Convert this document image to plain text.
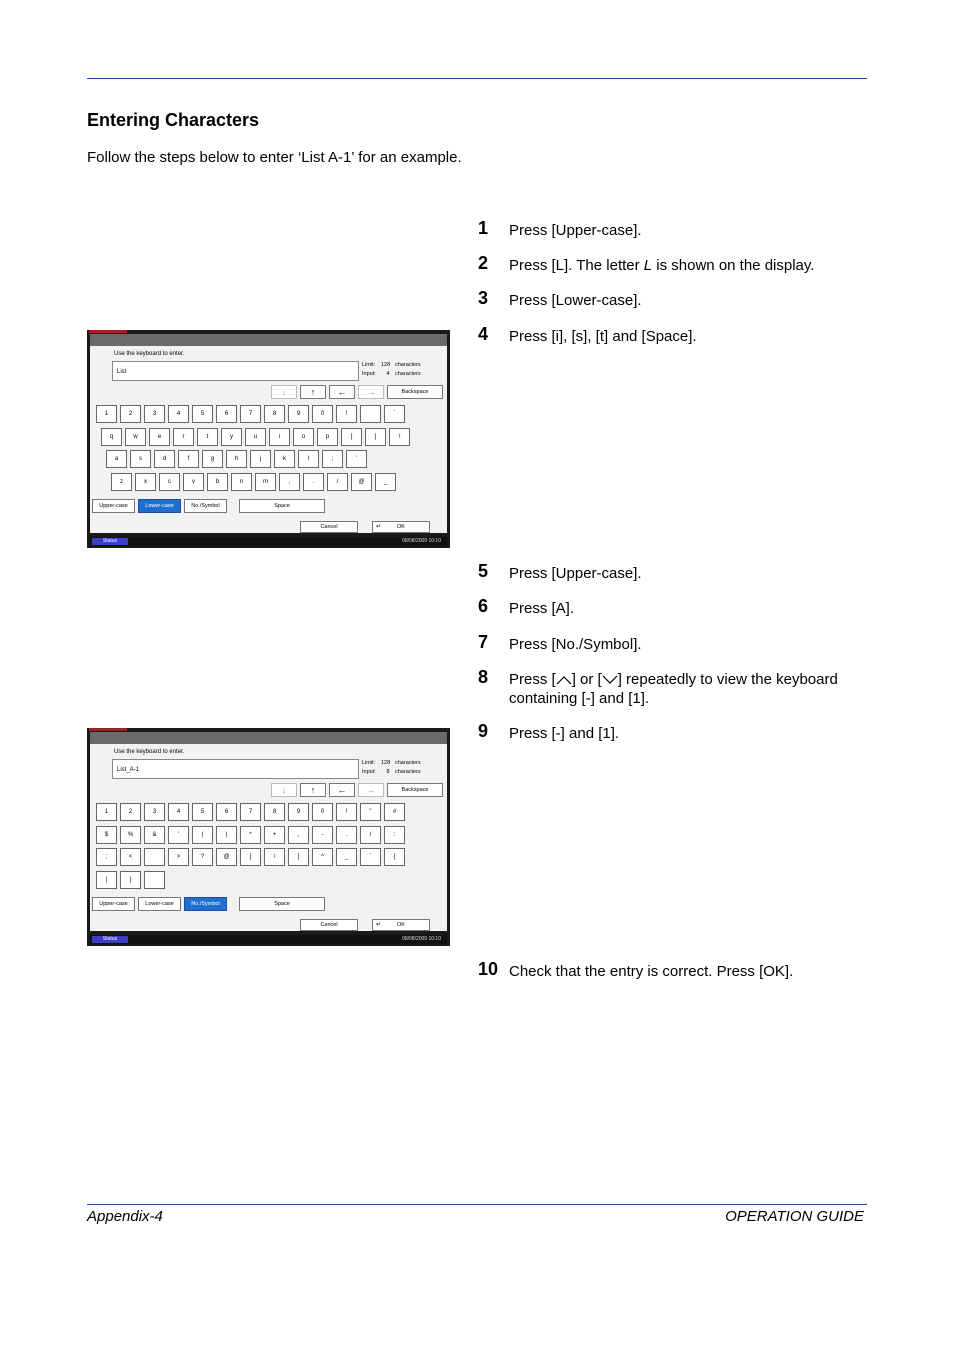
Entering Characters
Follow the steps below to enter ‘List A-1’ for an example.
1 Press [Upper-case].
2 Press [L]. The letter L is shown on the display.
3 Press [Lower-case].
4 Press [i], [s], [t] and [Space].
5 Press [Upper-case].
6 Press [A].
7 Press [No./Symbol].
8 Press [ ] or [ ] repeatedly to view the keyboard containing [-] and [1].
9 Press [-] and [1].
10 Check that the entry is correct. Press [OK].
Use the keyboard to enter.
List
Limit: 128 characters
Input: 4 characters
↓	↑	←	→	Backspace
Upper-case	Lower-case	No./Symbol	Space
Cancel	↵	OK
1	2	3	4	5	6	7	8	9	0	!	`
q	w	e	r	t	y	u	i	o	p	[	]	\
a	s	d	f	g	h	j	k	l	;	'
z	x	c	v	b	n	m	,	.	/	@	_
Status	08/08/2009 10:10
Use the keyboard to enter.
List_A-1
Limit: 128 characters
Input: 8 characters
↓	↑	←	→	Backspace
Upper-case	Lower-case	No./Symbol	Space
Cancel	↵	OK
1	2	3	4	5	6	7	8	9	0	!	"	#
$	%	&	'	(	)	*	+	,	-	.	/	:
;	<	>	?	@	[	\	]	^	_	`	{
|	}
Status	08/08/2009 10:10
Appendix-4	OPERATION GUIDE
